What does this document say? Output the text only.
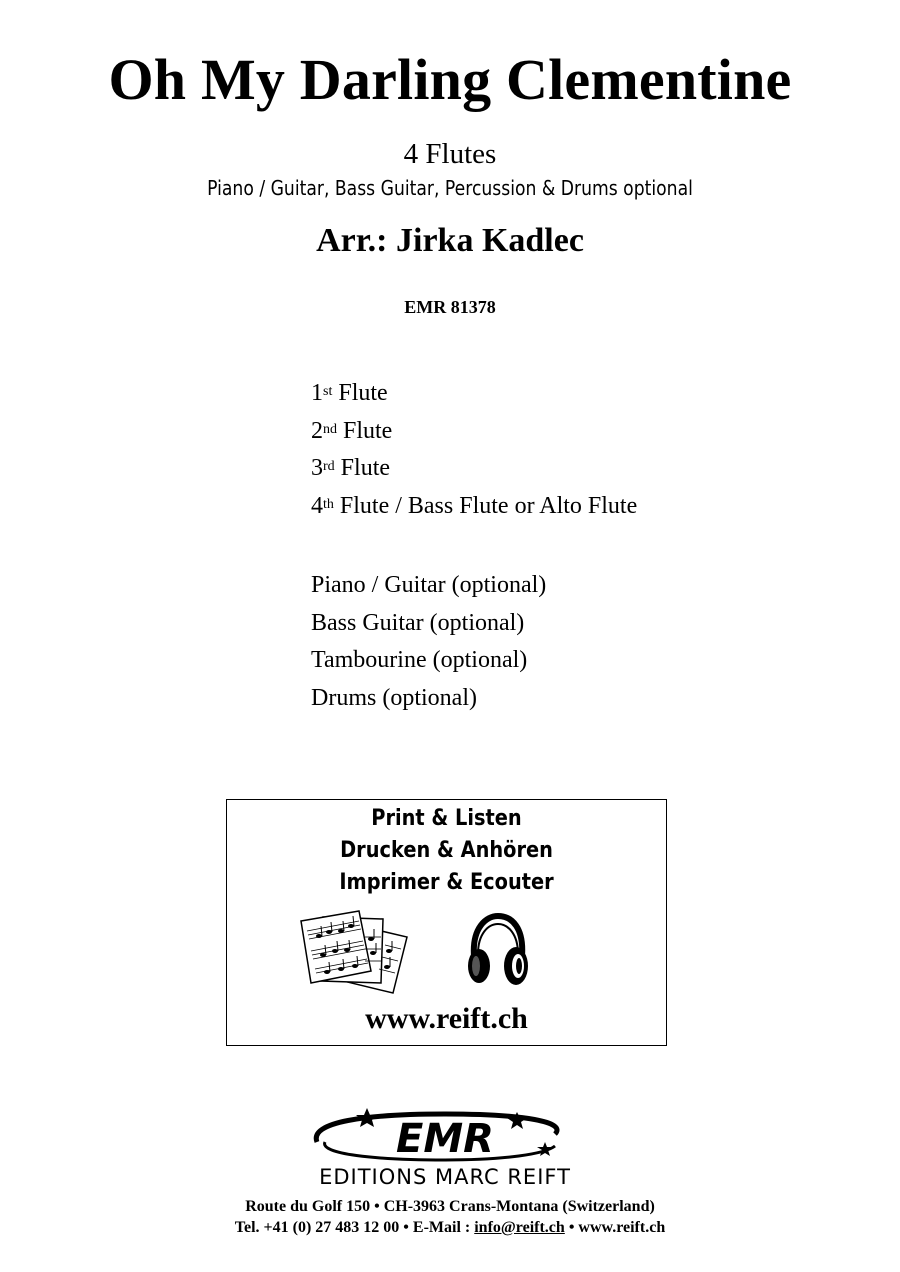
Oh My Darling Clementine
4 Flutes
Piano / Guitar, Bass Guitar, Percussion & Drums optional
Arr.: Jirka Kadlec
EMR 81378
1st Flute
2nd Flute
3rd Flute
4th Flute / Bass Flute or Alto Flute
Piano / Guitar (optional)
Bass Guitar (optional)
Tambourine (optional)
Drums (optional)
Print & Listen
Drucken & Anhören
Imprimer & Ecouter
www.reift.ch
EMR
EDITIONS MARC REIFT
Route du Golf 150 • CH-3963 Crans-Montana (Switzerland)
Tel. +41 (0) 27 483 12 00 • E-Mail : info@reift.ch • www.reift.ch
